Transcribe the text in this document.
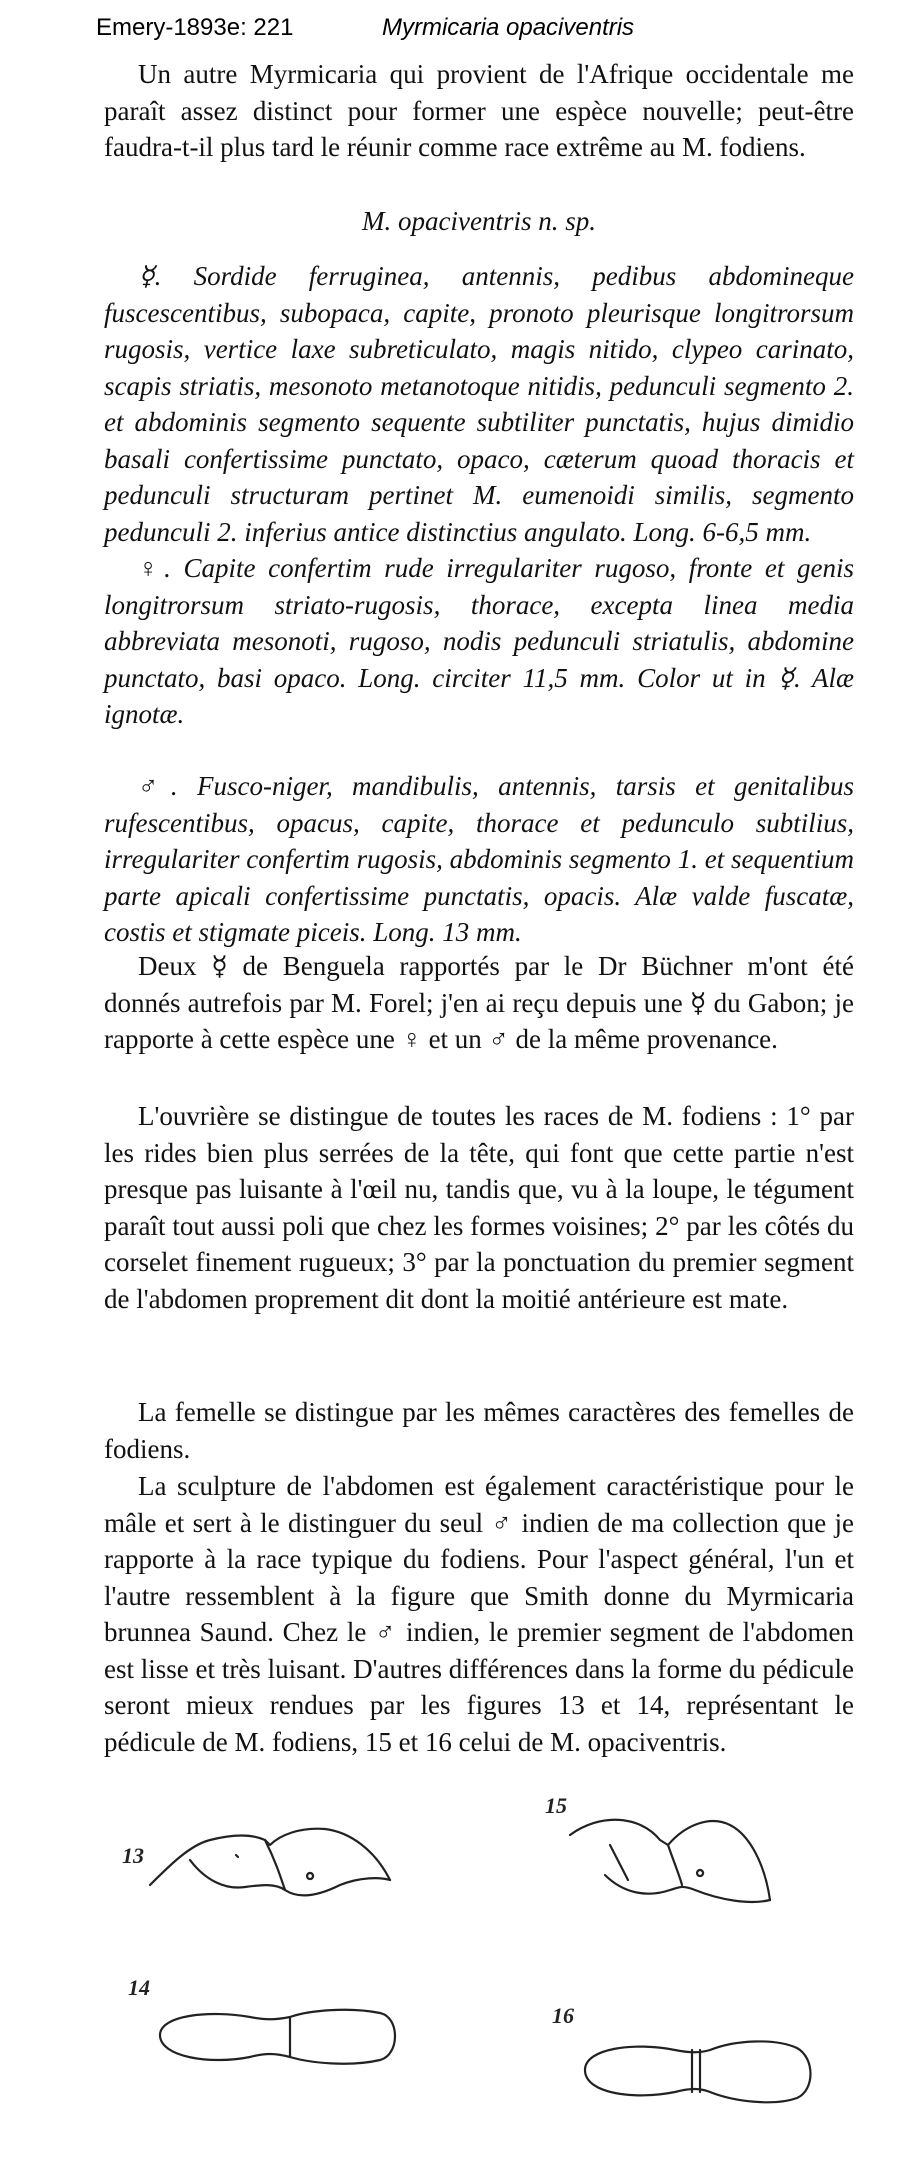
Emery-1893e: 221	Myrmicaria opaciventris

Un autre Myrmicaria qui provient de l'Afrique occidentale me paraît assez distinct pour former une espèce nouvelle; peut-être faudra-t-il plus tard le réunir comme race extrême au M. fodiens.

M. opaciventris n. sp.

☿. Sordide ferruginea, antennis, pedibus abdomineque fuscescentibus, subopaca, capite, pronoto pleurisque longitrorsum rugosis, vertice laxe subreticulato, magis nitido, clypeo carinato, scapis striatis, mesonoto metanotoque nitidis, pedunculi segmento 2. et abdominis segmento sequente subtiliter punctatis, hujus dimidio basali confertissime punctato, opaco, cæterum quoad thoracis et pedunculi structuram pertinet M. eumenoidi similis, segmento pedunculi 2. inferius antice distinctius angulato. Long. 6-6,5 mm.

♀. Capite confertim rude irregulariter rugoso, fronte et genis longitrorsum striato-rugosis, thorace, excepta linea media abbreviata mesonoti, rugoso, nodis pedunculi striatulis, abdomine punctato, basi opaco. Long. circiter 11,5 mm. Color ut in ☿. Alæ ignotæ.

♂. Fusco-niger, mandibulis, antennis, tarsis et genitalibus rufescentibus, opacus, capite, thorace et pedunculo subtilius, irregulariter confertim rugosis, abdominis segmento 1. et sequentium parte apicali confertissime punctatis, opacis. Alæ valde fuscatæ, costis et stigmate piceis. Long. 13 mm.

Deux ☿ de Benguela rapportés par le Dr Büchner m'ont été donnés autrefois par M. Forel; j'en ai reçu depuis une ☿ du Gabon; je rapporte à cette espèce une ♀ et un ♂ de la même provenance.

L'ouvrière se distingue de toutes les races de M. fodiens : 1° par les rides bien plus serrées de la tête, qui font que cette partie n'est presque pas luisante à l'œil nu, tandis que, vu à la loupe, le tégument paraît tout aussi poli que chez les formes voisines; 2° par les côtés du corselet finement rugueux; 3° par la ponctuation du premier segment de l'abdomen proprement dit dont la moitié antérieure est mate.

La femelle se distingue par les mêmes caractères des femelles de fodiens.

La sculpture de l'abdomen est également caractéristique pour le mâle et sert à le distinguer du seul ♂ indien de ma collection que je rapporte à la race typique du fodiens. Pour l'aspect général, l'un et l'autre ressemblent à la figure que Smith donne du Myrmicaria brunnea Saund. Chez le ♂ indien, le premier segment de l'abdomen est lisse et très luisant. D'autres différences dans la forme du pédicule seront mieux rendues par les figures 13 et 14, représentant le pédicule de M. fodiens, 15 et 16 celui de M. opaciventris.

13
14
15
16
